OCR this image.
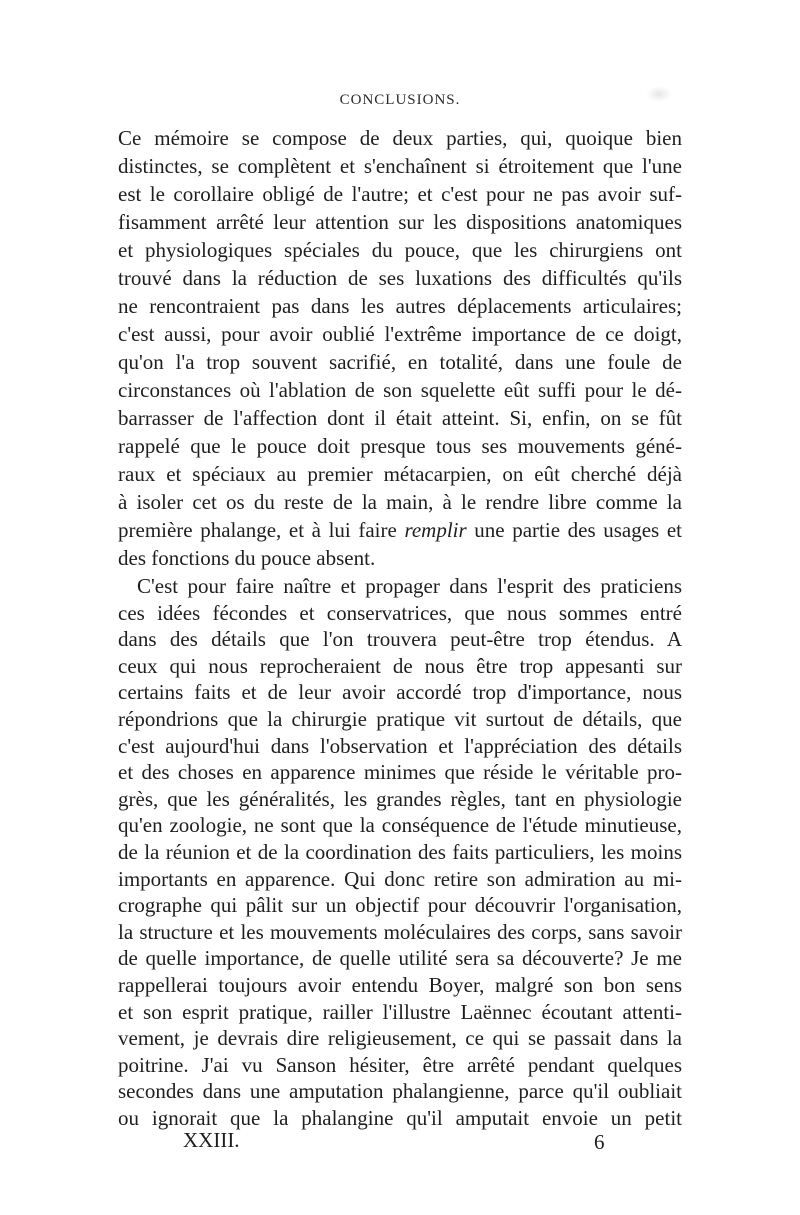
CONCLUSIONS.
Ce mémoire se compose de deux parties, qui, quoique bien
distinctes, se complètent et s'enchaînent si étroitement que l'une
est le corollaire obligé de l'autre; et c'est pour ne pas avoir suf-
fisamment arrêté leur attention sur les dispositions anatomiques
et physiologiques spéciales du pouce, que les chirurgiens ont
trouvé dans la réduction de ses luxations des difficultés qu'ils
ne rencontraient pas dans les autres déplacements articulaires;
c'est aussi, pour avoir oublié l'extrême importance de ce doigt,
qu'on l'a trop souvent sacrifié, en totalité, dans une foule de
circonstances où l'ablation de son squelette eût suffi pour le dé-
barrasser de l'affection dont il était atteint. Si, enfin, on se fût
rappelé que le pouce doit presque tous ses mouvements géné-
raux et spéciaux au premier métacarpien, on eût cherché déjà
à isoler cet os du reste de la main, à le rendre libre comme la
première phalange, et à lui faire remplir une partie des usages et
des fonctions du pouce absent.
C'est pour faire naître et propager dans l'esprit des praticiens
ces idées fécondes et conservatrices, que nous sommes entré
dans des détails que l'on trouvera peut-être trop étendus. A
ceux qui nous reprocheraient de nous être trop appesanti sur
certains faits et de leur avoir accordé trop d'importance, nous
répondrions que la chirurgie pratique vit surtout de détails, que
c'est aujourd'hui dans l'observation et l'appréciation des détails
et des choses en apparence minimes que réside le véritable pro-
grès, que les généralités, les grandes règles, tant en physiologie
qu'en zoologie, ne sont que la conséquence de l'étude minutieuse,
de la réunion et de la coordination des faits particuliers, les moins
importants en apparence. Qui donc retire son admiration au mi-
crographe qui pâlit sur un objectif pour découvrir l'organisation,
la structure et les mouvements moléculaires des corps, sans savoir
de quelle importance, de quelle utilité sera sa découverte? Je me
rappellerai toujours avoir entendu Boyer, malgré son bon sens
et son esprit pratique, railler l'illustre Laënnec écoutant attenti-
vement, je devrais dire religieusement, ce qui se passait dans la
poitrine. J'ai vu Sanson hésiter, être arrêté pendant quelques
secondes dans une amputation phalangienne, parce qu'il oubliait
XXIII.	6
ou ignorait que la phalangine qu'il amputait envoie un petit
